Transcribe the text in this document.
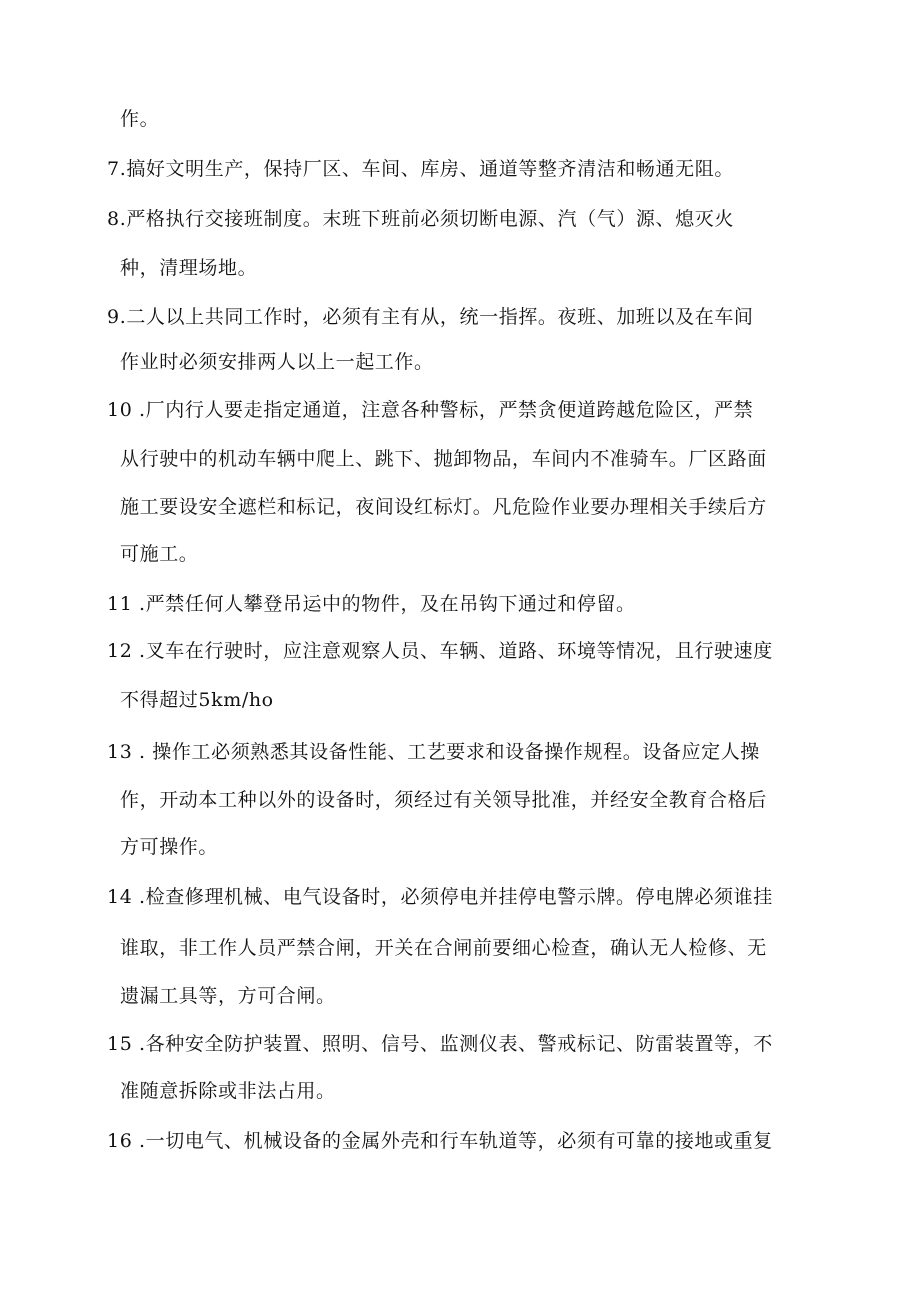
作。
7.搞好文明生产，保持厂区、车间、库房、通道等整齐清洁和畅通无阻。
8.严格执行交接班制度。末班下班前必须切断电源、汽（气）源、熄灭火
种，清理场地。
9.二人以上共同工作时，必须有主有从，统一指挥。夜班、加班以及在车间
作业时必须安排两人以上一起工作。
10 .厂内行人要走指定通道，注意各种警标，严禁贪便道跨越危险区，严禁
从行驶中的机动车辆中爬上、跳下、抛卸物品，车间内不准骑车。厂区路面
施工要设安全遮栏和标记，夜间设红标灯。凡危险作业要办理相关手续后方
可施工。
11 .严禁任何人攀登吊运中的物件，及在吊钩下通过和停留。
12 .叉车在行驶时，应注意观察人员、车辆、道路、环境等情况，且行驶速度
不得超过5km∕ho
13 . 操作工必须熟悉其设备性能、工艺要求和设备操作规程。设备应定人操
作，开动本工种以外的设备时，须经过有关领导批准，并经安全教育合格后
方可操作。
14 .检查修理机械、电气设备时，必须停电并挂停电警示牌。停电牌必须谁挂
谁取，非工作人员严禁合闸，开关在合闸前要细心检查，确认无人检修、无
遗漏工具等，方可合闸。
15 .各种安全防护装置、照明、信号、监测仪表、警戒标记、防雷装置等，不
准随意拆除或非法占用。
16 .一切电气、机械设备的金属外壳和行车轨道等，必须有可靠的接地或重复
